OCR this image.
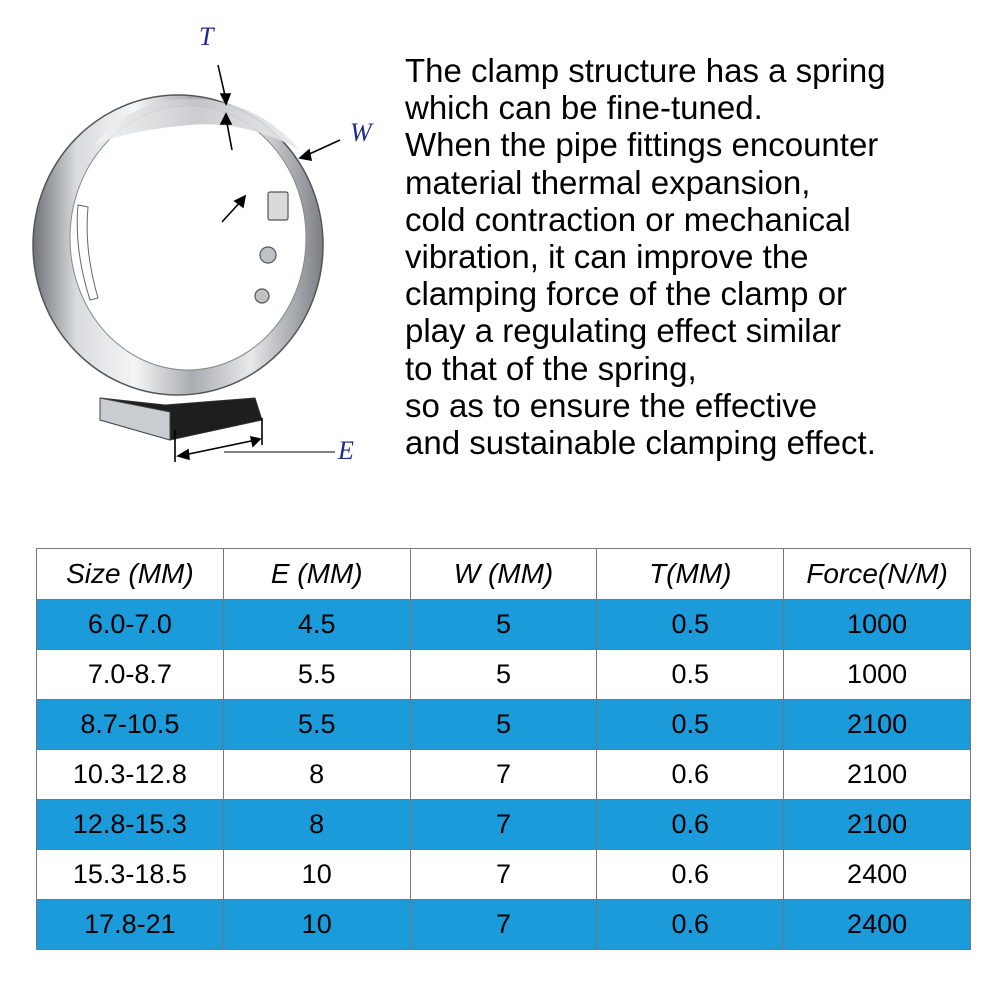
T
W
E

The clamp structure has a spring
which can be fine-tuned.
When the pipe fittings encounter
material thermal expansion,
cold contraction or mechanical
vibration, it can improve the
clamping force of the clamp or
play a regulating effect similar
to that of the spring,
so as to ensure the effective
and sustainable clamping effect.

Size (MM)	E (MM)	W (MM)	T(MM)	Force(N/M)
6.0-7.0	4.5	5	0.5	1000
7.0-8.7	5.5	5	0.5	1000
8.7-10.5	5.5	5	0.5	2100
10.3-12.8	8	7	0.6	2100
12.8-15.3	8	7	0.6	2100
15.3-18.5	10	7	0.6	2400
17.8-21	10	7	0.6	2400
